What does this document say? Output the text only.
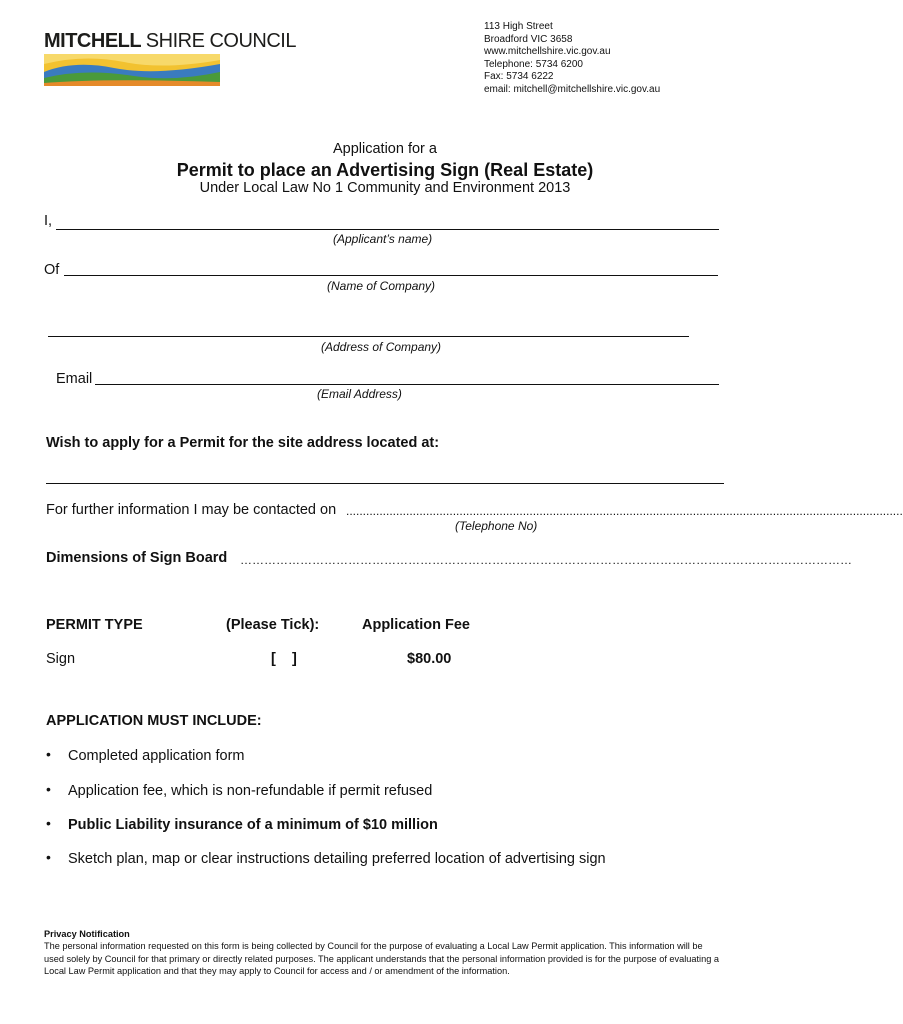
MITCHELL SHIRE COUNCIL
113 High Street
Broadford VIC 3658
www.mitchellshire.vic.gov.au
Telephone: 5734 6200
Fax: 5734 6222
email: mitchell@mitchellshire.vic.gov.au
Application for a
Permit to place an Advertising Sign (Real Estate)
Under Local Law No 1 Community and Environment 2013
I,
(Applicant’s name)
Of
(Name of Company)
(Address of Company)
Email
(Email Address)
Wish to apply for a Permit for the site address located at:
For further information I may be contacted on .......................................................................................................................................................................
(Telephone No)
Dimensions of Sign Board ………………………………………………………………………………………………………………………………………
PERMIT TYPE	(Please Tick):	Application Fee
Sign	[    ]	$80.00
APPLICATION MUST INCLUDE:
• Completed application form
• Application fee, which is non-refundable if permit refused
• Public Liability insurance of a minimum of $10 million
• Sketch plan, map or clear instructions detailing preferred location of advertising sign
Privacy Notification
The personal information requested on this form is being collected by Council for the purpose of evaluating a Local Law Permit application. This information will be used solely by Council for that primary or directly related purposes. The applicant understands that the personal information provided is for the purpose of evaluating a Local Law Permit application and that they may apply to Council for access and / or amendment of the information.
